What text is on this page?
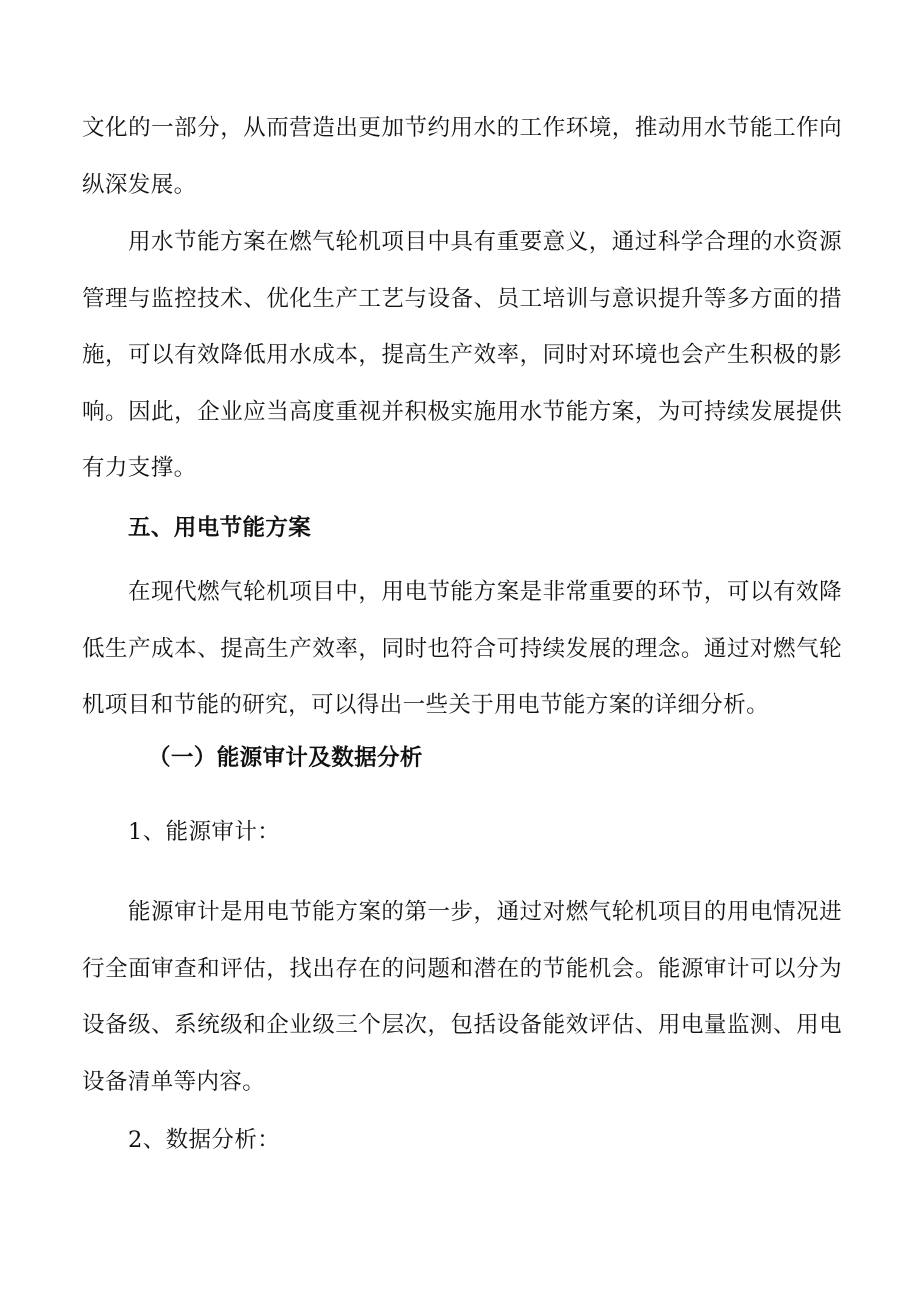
文化的一部分，从而营造出更加节约用水的工作环境，推动用水节能工作向纵深发展。

用水节能方案在燃气轮机项目中具有重要意义，通过科学合理的水资源管理与监控技术、优化生产工艺与设备、员工培训与意识提升等多方面的措施，可以有效降低用水成本，提高生产效率，同时对环境也会产生积极的影响。因此，企业应当高度重视并积极实施用水节能方案，为可持续发展提供有力支撑。

五、用电节能方案

在现代燃气轮机项目中，用电节能方案是非常重要的环节，可以有效降低生产成本、提高生产效率，同时也符合可持续发展的理念。通过对燃气轮机项目和节能的研究，可以得出一些关于用电节能方案的详细分析。

（一）能源审计及数据分析
1、能源审计：

能源审计是用电节能方案的第一步，通过对燃气轮机项目的用电情况进行全面审查和评估，找出存在的问题和潜在的节能机会。能源审计可以分为设备级、系统级和企业级三个层次，包括设备能效评估、用电量监测、用电设备清单等内容。

2、数据分析：
